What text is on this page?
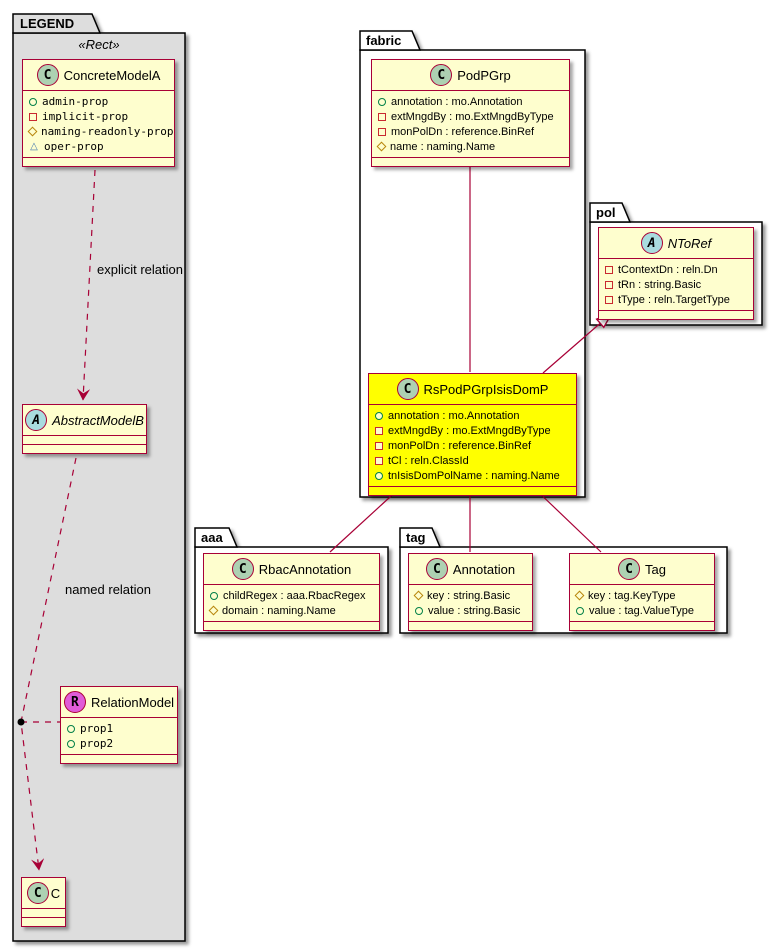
LEGEND
«Rect»	fabric
pol
aaa	tag
explicit relation
named relation
C ConcreteModelA
admin-prop
implicit-prop
naming-readonly-prop
△ oper-prop
A AbstractModelB
R RelationModel
prop1
prop2
C C
C PodPGrp
annotation : mo.Annotation
extMngdBy : mo.ExtMngdByType
monPolDn : reference.BinRef
name : naming.Name
C RsPodPGrpIsisDomP
annotation : mo.Annotation
extMngdBy : mo.ExtMngdByType
monPolDn : reference.BinRef
tCl : reln.ClassId
tnIsisDomPolName : naming.Name
A NToRef
tContextDn : reln.Dn
tRn : string.Basic
tType : reln.TargetType
C RbacAnnotation
childRegex : aaa.RbacRegex
domain : naming.Name
C Annotation
key : string.Basic
value : string.Basic
C Tag
key : tag.KeyType
value : tag.ValueType
